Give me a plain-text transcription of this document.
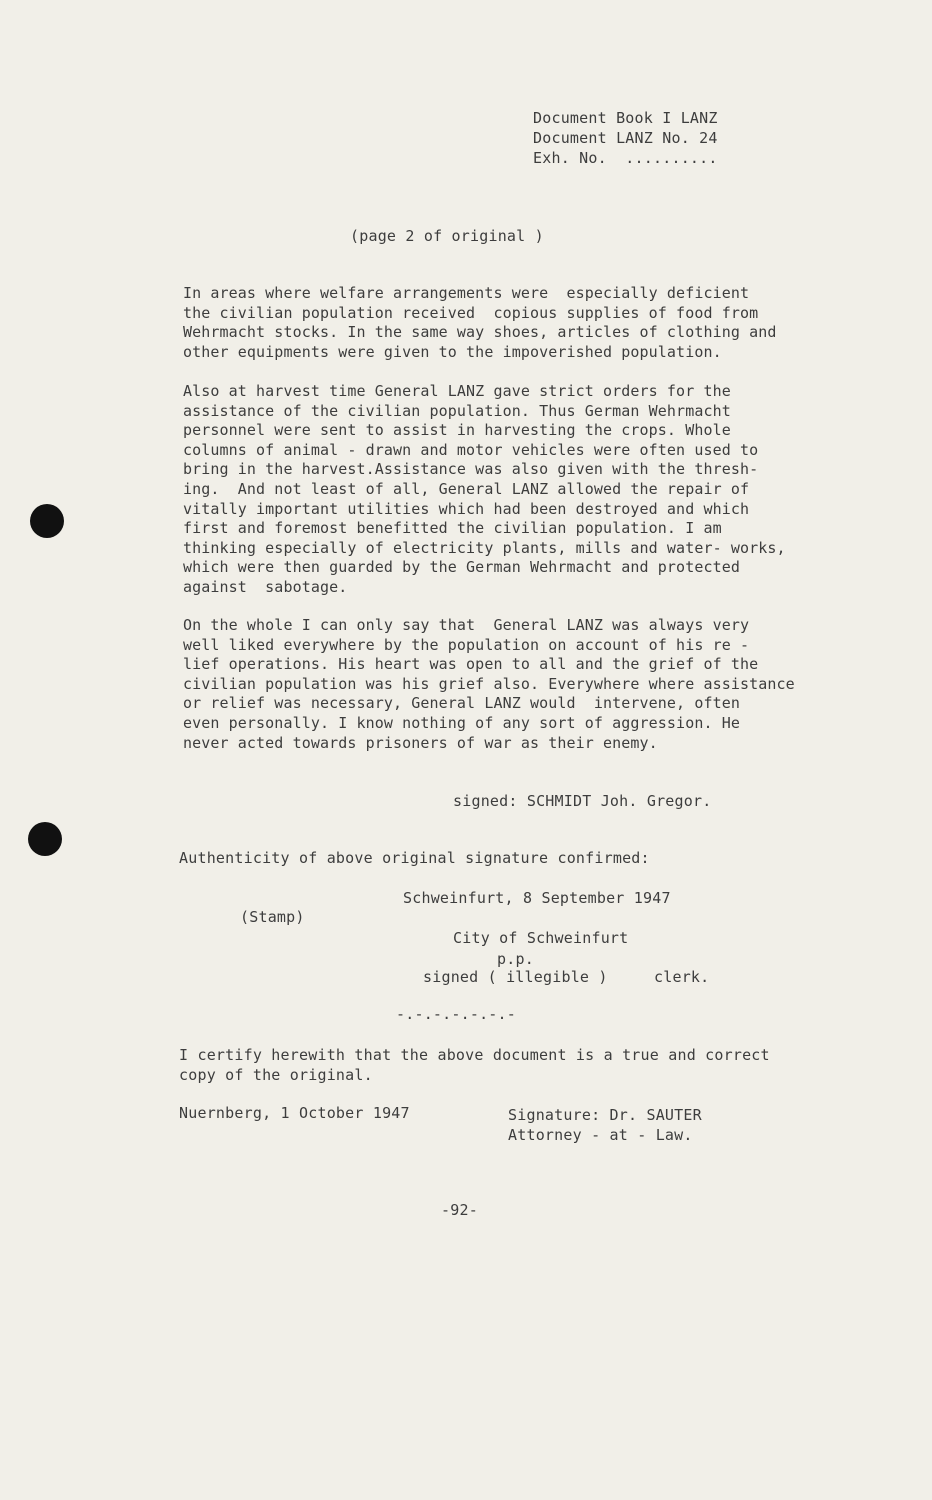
Document Book I LANZ
Document LANZ No. 24
Exh. No.  ..........
(page 2 of original )
In areas where welfare arrangements were  especially deficient
the civilian population received  copious supplies of food from
Wehrmacht stocks. In the same way shoes, articles of clothing and
other equipments were given to the impoverished population.
Also at harvest time General LANZ gave strict orders for the
assistance of the civilian population. Thus German Wehrmacht
personnel were sent to assist in harvesting the crops. Whole
columns of animal - drawn and motor vehicles were often used to
bring in the harvest.Assistance was also given with the thresh-
ing.  And not least of all, General LANZ allowed the repair of
vitally important utilities which had been destroyed and which
first and foremost benefitted the civilian population. I am
thinking especially of electricity plants, mills and water- works,
which were then guarded by the German Wehrmacht and protected
against  sabotage.
On the whole I can only say that  General LANZ was always very
well liked everywhere by the population on account of his re -
lief operations. His heart was open to all and the grief of the
civilian population was his grief also. Everywhere where assistance
or relief was necessary, General LANZ would  intervene, often
even personally. I know nothing of any sort of aggression. He
never acted towards prisoners of war as their enemy.
signed: SCHMIDT Joh. Gregor.
Authenticity of above original signature confirmed:
Schweinfurt, 8 September 1947
(Stamp)
City of Schweinfurt
p.p.
signed ( illegible )	clerk.
-.-.-.-.-.-.-
I certify herewith that the above document is a true and correct
copy of the original.
Nuernberg, 1 October 1947	Signature: Dr. SAUTER
Attorney - at - Law.
-92-
